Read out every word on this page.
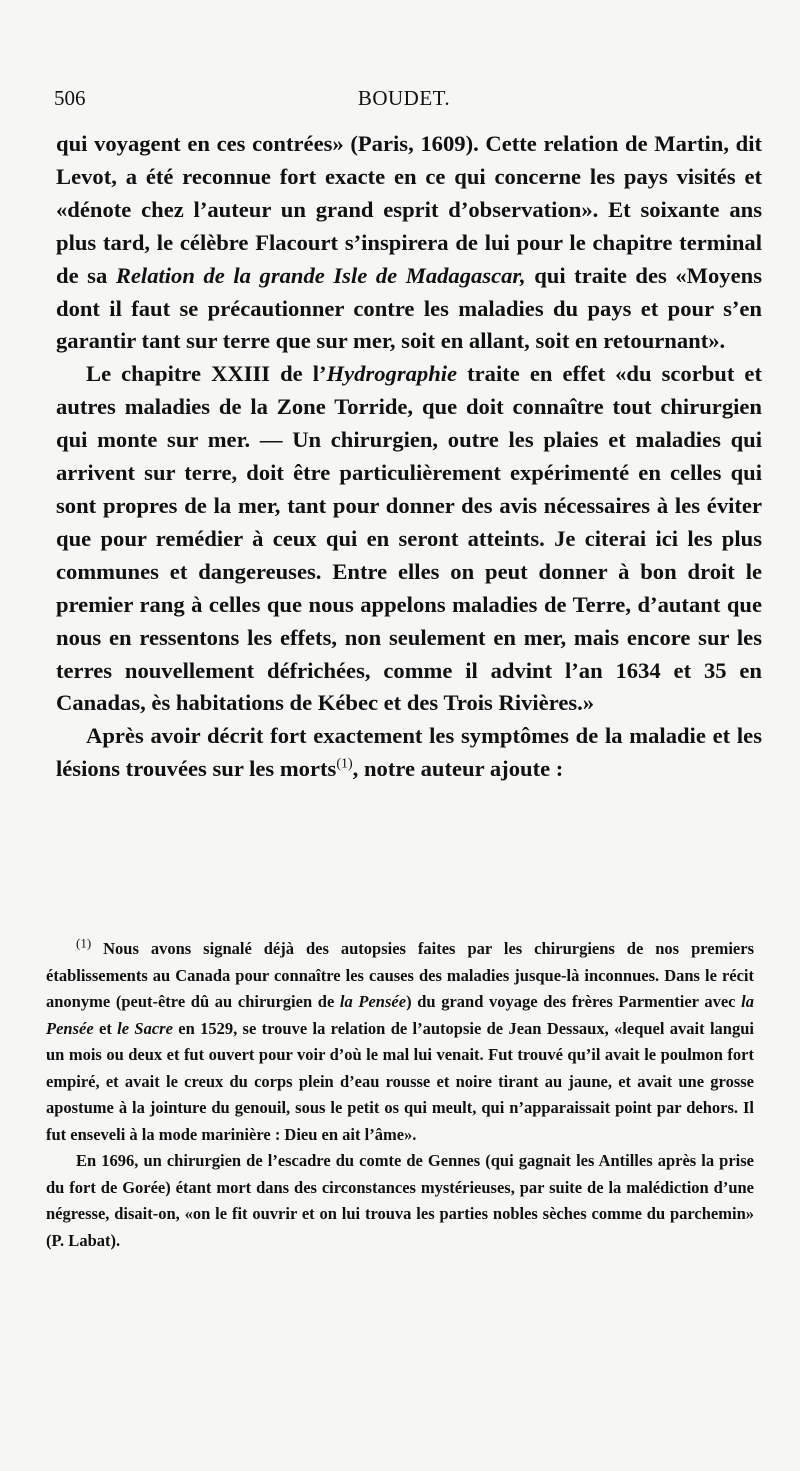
506	BOUDET.

qui voyagent en ces contrées» (Paris, 1609). Cette relation de Martin, dit Levot, a été reconnue fort exacte en ce qui concerne les pays visités et «dénote chez l’auteur un grand esprit d’observation». Et soixante ans plus tard, le célèbre Flacourt s’inspirera de lui pour le chapitre terminal de sa Relation de la grande Isle de Madagascar, qui traite des «Moyens dont il faut se précautionner contre les maladies du pays et pour s’en garantir tant sur terre que sur mer, soit en allant, soit en retournant».

Le chapitre XXIII de l’Hydrographie traite en effet «du scorbut et autres maladies de la Zone Torride, que doit connaître tout chirurgien qui monte sur mer. — Un chirurgien, outre les plaies et maladies qui arrivent sur terre, doit être particulièrement expérimenté en celles qui sont propres de la mer, tant pour donner des avis nécessaires à les éviter que pour remédier à ceux qui en seront atteints. Je citerai ici les plus communes et dangereuses. Entre elles on peut donner à bon droit le premier rang à celles que nous appelons maladies de Terre, d’autant que nous en ressentons les effets, non seulement en mer, mais encore sur les terres nouvellement défrichées, comme il advint l’an 1634 et 35 en Canadas, ès habitations de Kébec et des Trois Rivières.»

Après avoir décrit fort exactement les symptômes de la maladie et les lésions trouvées sur les morts$^{(1)}$, notre auteur ajoute :

$^{(1)}$ Nous avons signalé déjà des autopsies faites par les chirurgiens de nos premiers établissements au Canada pour connaître les causes des maladies jusque-là inconnues. Dans le récit anonyme (peut-être dû au chirurgien de la Pensée) du grand voyage des frères Parmentier avec la Pensée et le Sacre en 1529, se trouve la relation de l’autopsie de Jean Dessaux, «lequel avait langui un mois ou deux et fut ouvert pour voir d’où le mal lui venait. Fut trouvé qu’il avait le poulmon fort empiré, et avait le creux du corps plein d’eau rousse et noire tirant au jaune, et avait une grosse apostume à la jointure du genouil, sous le petit os qui meult, qui n’apparaissait point par dehors. Il fut enseveli à la mode marinière : Dieu en ait l’âme».

En 1696, un chirurgien de l’escadre du comte de Gennes (qui gagnait les Antilles après la prise du fort de Gorée) étant mort dans des circonstances mystérieuses, par suite de la malédiction d’une négresse, disait-on, «on le fit ouvrir et on lui trouva les parties nobles sèches comme du parchemin» (P. Labat).
